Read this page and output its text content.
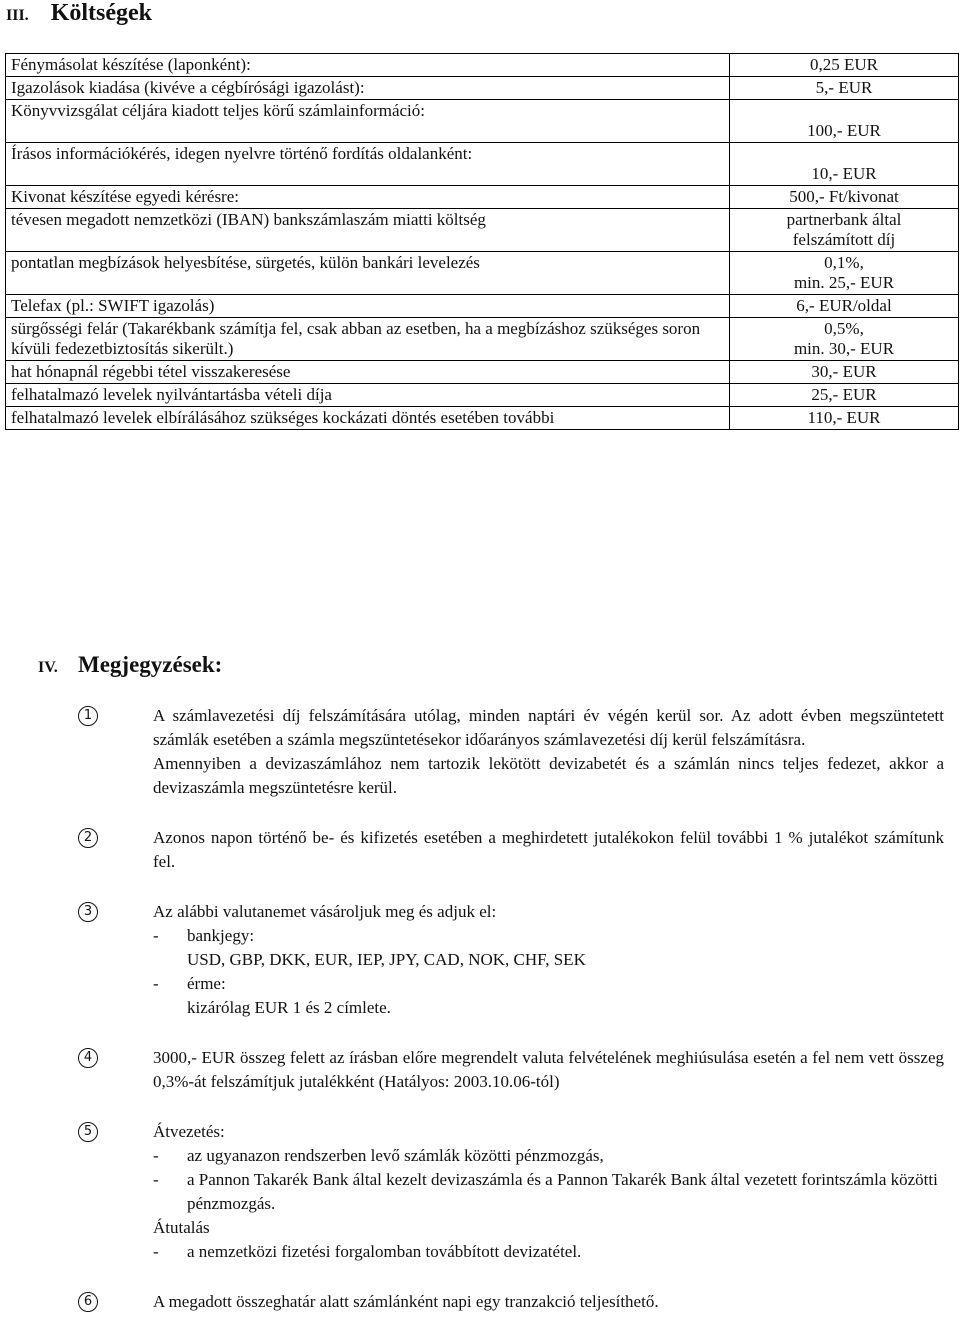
III. Költségek
Fénymásolat készítése (laponként):	0,25 EUR

Igazolások kiadása (kivéve a cégbírósági igazolást):	5,- EUR

Könyvvizsgálat céljára kiadott teljes körű számlainformáció:	100,- EUR

Írásos információkérés, idegen nyelvre történő fordítás oldalanként:	10,- EUR

Kivonat készítése egyedi kérésre:	500,- Ft/kivonat

tévesen megadott nemzetközi (IBAN) bankszámlaszám miatti költség	partnerbank által
felszámított díj

pontatlan megbízások helyesbítése, sürgetés, külön bankári levelezés	0,1%,
min. 25,- EUR

Telefax (pl.: SWIFT igazolás)	6,- EUR/oldal

sürgősségi felár (Takarékbank számítja fel, csak abban az esetben, ha a megbízáshoz szükséges soron kívüli fedezetbiztosítás sikerült.)	0,5%,
min. 30,- EUR

hat hónapnál régebbi tétel visszakeresése	30,- EUR

felhatalmazó levelek nyilvántartásba vételi díja	25,- EUR

felhatalmazó levelek elbírálásához szükséges kockázati döntés esetében további	110,- EUR
IV. Megjegyzések:
1	A számlavezetési díj felszámítására utólag, minden naptári év végén kerül sor. Az adott évben megszüntetett számlák esetében a számla megszüntetésekor időarányos számlavezetési díj kerül felszámításra.

Amennyiben a devizaszámlához nem tartozik lekötött devizabetét és a számlán nincs teljes fedezet, akkor a devizaszámla megszüntetésre kerül.

2	Azonos napon történő be- és kifizetés esetében a meghirdetett jutalékokon felül további 1 % jutalékot számítunk fel.

3	Az alábbi valutanemet vásároljuk meg és adjuk el:

- bankjegy:
USD, GBP, DKK, EUR, IEP, JPY, CAD, NOK, CHF, SEK
- érme:
kizárólag EUR 1 és 2 címlete.
4	3000,- EUR összeg felett az írásban előre megrendelt valuta felvételének meghiúsulása esetén a fel nem vett összeg 0,3%-át felszámítjuk jutalékként (Hatályos: 2003.10.06-tól)

5	Átvezetés:

- az ugyanazon rendszerben levő számlák közötti pénzmozgás,
- a Pannon Takarék Bank által kezelt devizaszámla és a Pannon Takarék Bank által vezetett forintszámla közötti pénzmozgás.

Átutalás

- a nemzetközi fizetési forgalomban továbbított devizatétel.
6	A megadott összeghatár alatt számlánként napi egy tranzakció teljesíthető.
